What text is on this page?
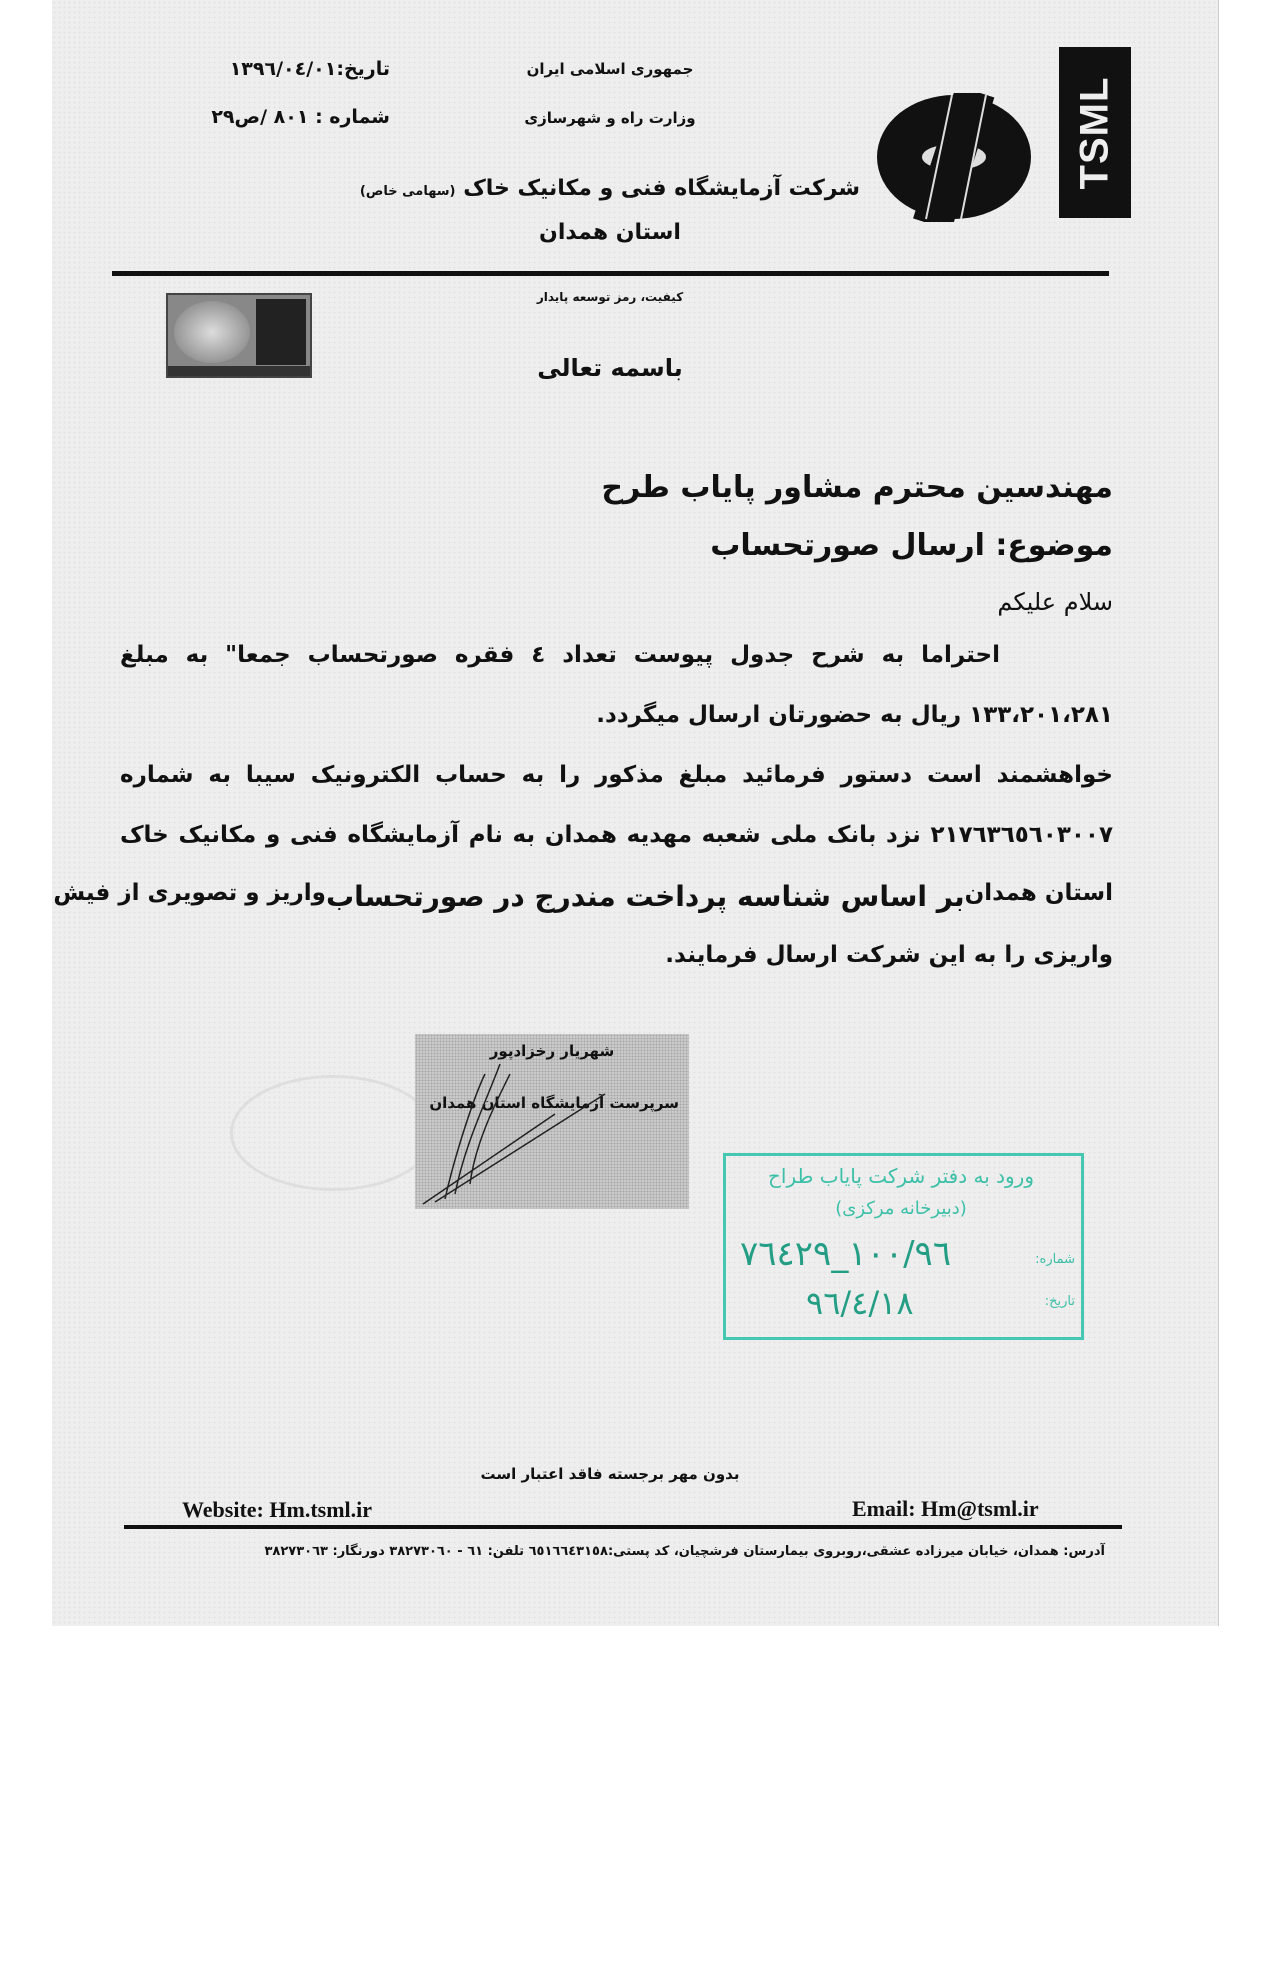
TSML
جمهوری اسلامی ایران
وزارت راه و شهرسازی
تاریخ:١٣٩٦/٠٤/٠١
شماره : ٨٠١ /ص٢٩
شرکت آزمایشگاه فنی و مکانیک خاک (سهامی خاص)
استان همدان
کیفیت، رمز توسعه پایدار
باسمه تعالی
مهندسین محترم مشاور پایاب طرح
موضوع: ارسال صورتحساب
سلام علیکم
احتراما به شرح جدول پیوست تعداد ٤ فقره صورتحساب جمعا" به مبلغ
١٣٣،٢٠١،٢٨١ ریال به حضورتان ارسال میگردد.
خواهشمند است دستور فرمائید مبلغ مذکور را به حساب الکترونیک سیبا به شماره
٢١٧٦٣٦٥٦٠٣٠٠٧ نزد بانک ملی شعبه مهدیه همدان به نام آزمایشگاه فنی و مکانیک خاک
استان همدان
بر اساس شناسه پرداخت مندرج در صورتحساب
واریز و تصویری از فیش
واریزی را به این شرکت ارسال فرمایند.
شهریار رخزادپور
سرپرست آزمایشگاه استان همدان
ورود به دفتر شرکت پایاب طراح
(دبیرخانه مرکزی)
شماره:
١٠٠/٩٦_٧٦٤٢٩
تاریخ:
٩٦/٤/١٨
بدون مهر برجسته فاقد اعتبار است
Website: Hm.tsml.ir	Email: Hm@tsml.ir
آدرس: همدان، خیابان میرزاده عشقی،روبروی بیمارستان فرشچیان، کد پستی:٦٥١٦٦٤٣١٥٨ تلفن: ٦١ - ٣٨٢٧٣٠٦٠ دورنگار: ٣٨٢٧٣٠٦٣
